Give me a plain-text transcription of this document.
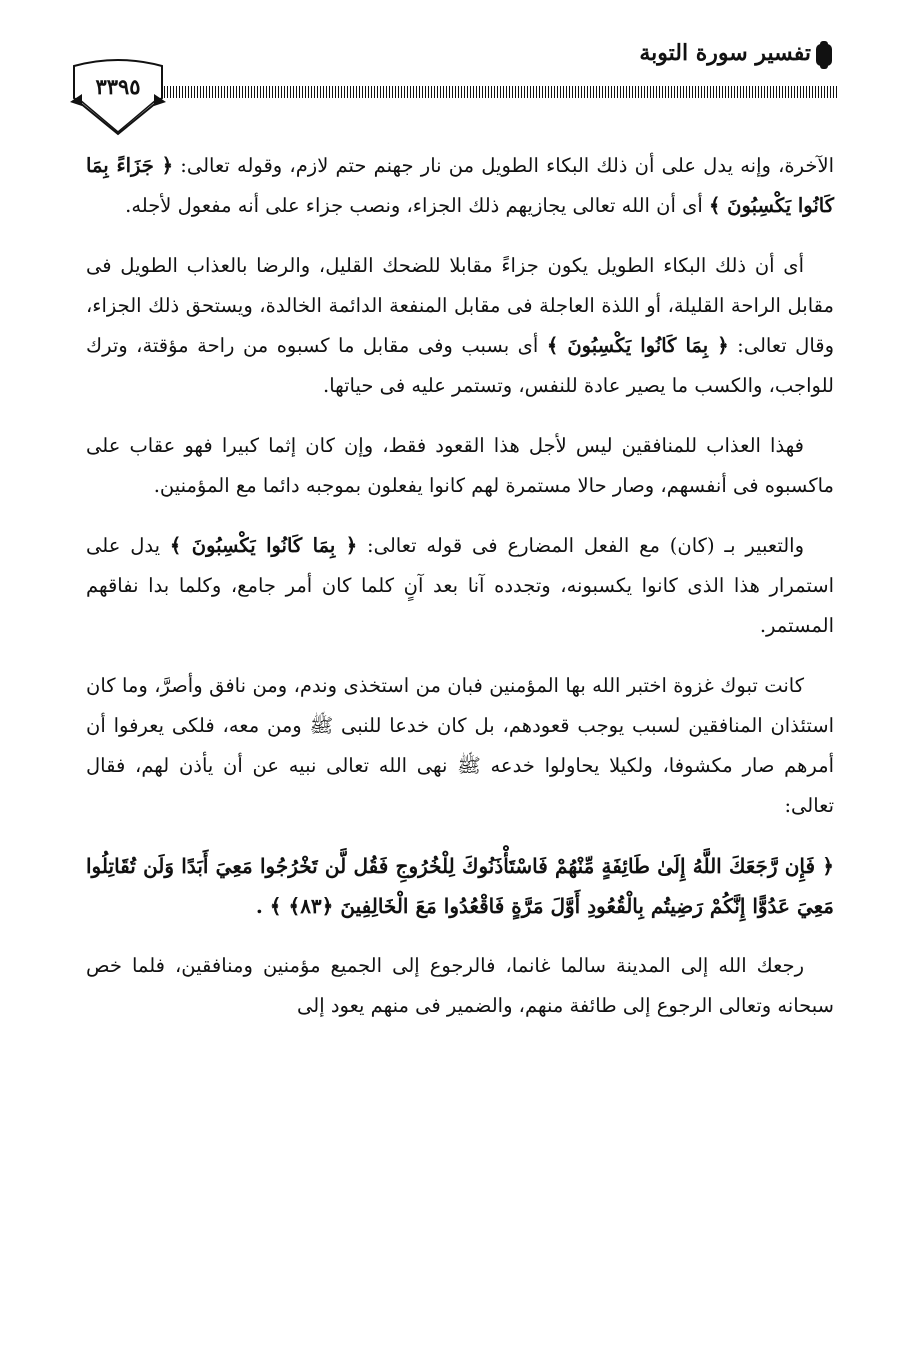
تفسير سورة التوبة
٣٣٩٥

الآخرة، وإنه يدل على أن ذلك البكاء الطويل من نار جهنم حتم لازم، وقوله تعالى: ﴿ جَزَاءً بِمَا كَانُوا يَكْسِبُونَ ﴾ أى أن الله تعالى يجازيهم ذلك الجزاء، ونصب جزاء على أنه مفعول لأجله.

أى أن ذلك البكاء الطويل يكون جزاءً مقابلا للضحك القليل، والرضا بالعذاب الطويل فى مقابل الراحة القليلة، أو اللذة العاجلة فى مقابل المنفعة الدائمة الخالدة، ويستحق ذلك الجزاء، وقال تعالى: ﴿ بِمَا كَانُوا يَكْسِبُونَ ﴾ أى بسبب وفى مقابل ما كسبوه من راحة مؤقتة، وترك للواجب، والكسب ما يصير عادة للنفس، وتستمر عليه فى حياتها.

فهذا العذاب للمنافقين ليس لأجل هذا القعود فقط، وإن كان إثما كبيرا فهو عقاب على ماكسبوه فى أنفسهم، وصار حالا مستمرة لهم كانوا يفعلون بموجبه دائما مع المؤمنين.

والتعبير بـ (كان) مع الفعل المضارع فى قوله تعالى: ﴿ بِمَا كَانُوا يَكْسِبُونَ ﴾ يدل على استمرار هذا الذى كانوا يكسبونه، وتجدده آنا بعد آنٍ كلما كان أمر جامع، وكلما بدا نفاقهم المستمر.

كانت تبوك غزوة اختبر الله بها المؤمنين فبان من استخذى وندم، ومن نافق وأصرَّ، وما كان استئذان المنافقين لسبب يوجب قعودهم، بل كان خدعا للنبى ﷺ ومن معه، فلكى يعرفوا أن أمرهم صار مكشوفا، ولكيلا يحاولوا خدعه ﷺ نهى الله تعالى نبيه عن أن يأذن لهم، فقال تعالى:

﴿ فَإِن رَّجَعَكَ اللَّهُ إِلَىٰ طَائِفَةٍ مِّنْهُمْ فَاسْتَأْذَنُوكَ لِلْخُرُوجِ فَقُل لَّن تَخْرُجُوا مَعِيَ أَبَدًا وَلَن تُقَاتِلُوا مَعِيَ عَدُوًّا إِنَّكُمْ رَضِيتُم بِالْقُعُودِ أَوَّلَ مَرَّةٍ فَاقْعُدُوا مَعَ الْخَالِفِينَ ﴿٨٣﴾ ﴾ .

رجعك الله إلى المدينة سالما غانما، فالرجوع إلى الجميع مؤمنين ومنافقين، فلما خص سبحانه وتعالى الرجوع إلى طائفة منهم، والضمير فى منهم يعود إلى
